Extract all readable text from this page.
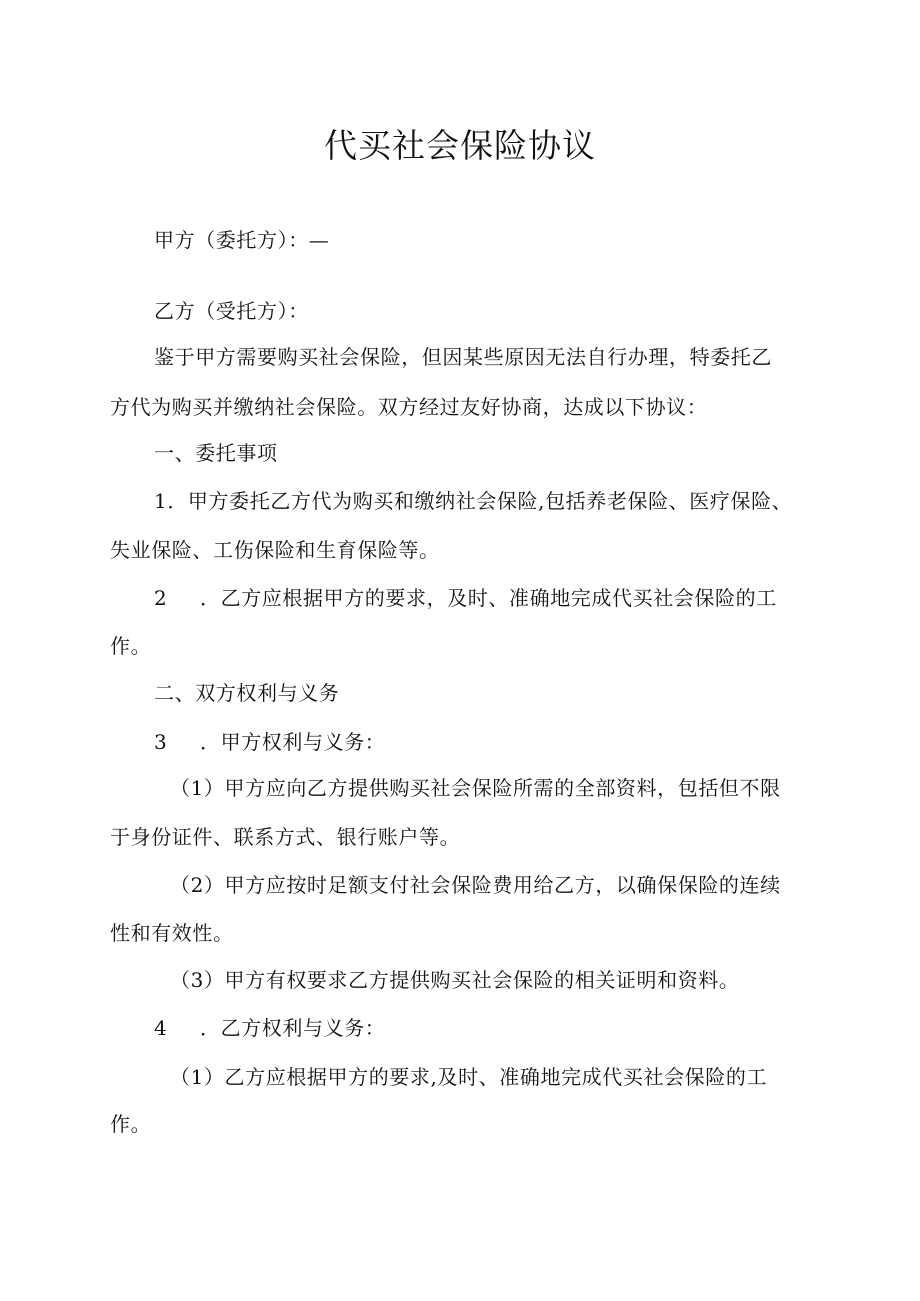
代买社会保险协议
甲方（委托方）：—
乙方（受托方）：
鉴于甲方需要购买社会保险，但因某些原因无法自行办理，特委托乙
方代为购买并缴纳社会保险。双方经过友好协商，达成以下协议：
一、委托事项
1．甲方委托乙方代为购买和缴纳社会保险,包括养老保险、医疗保险、
失业保险、工伤保险和生育保险等。
2 ．乙方应根据甲方的要求，及时、准确地完成代买社会保险的工
作。
二、双方权利与义务
3 ．甲方权利与义务：
（1）甲方应向乙方提供购买社会保险所需的全部资料，包括但不限
于身份证件、联系方式、银行账户等。
（2）甲方应按时足额支付社会保险费用给乙方，以确保保险的连续
性和有效性。
（3）甲方有权要求乙方提供购买社会保险的相关证明和资料。
4 ．乙方权利与义务：
（1）乙方应根据甲方的要求,及时、准确地完成代买社会保险的工
作。
